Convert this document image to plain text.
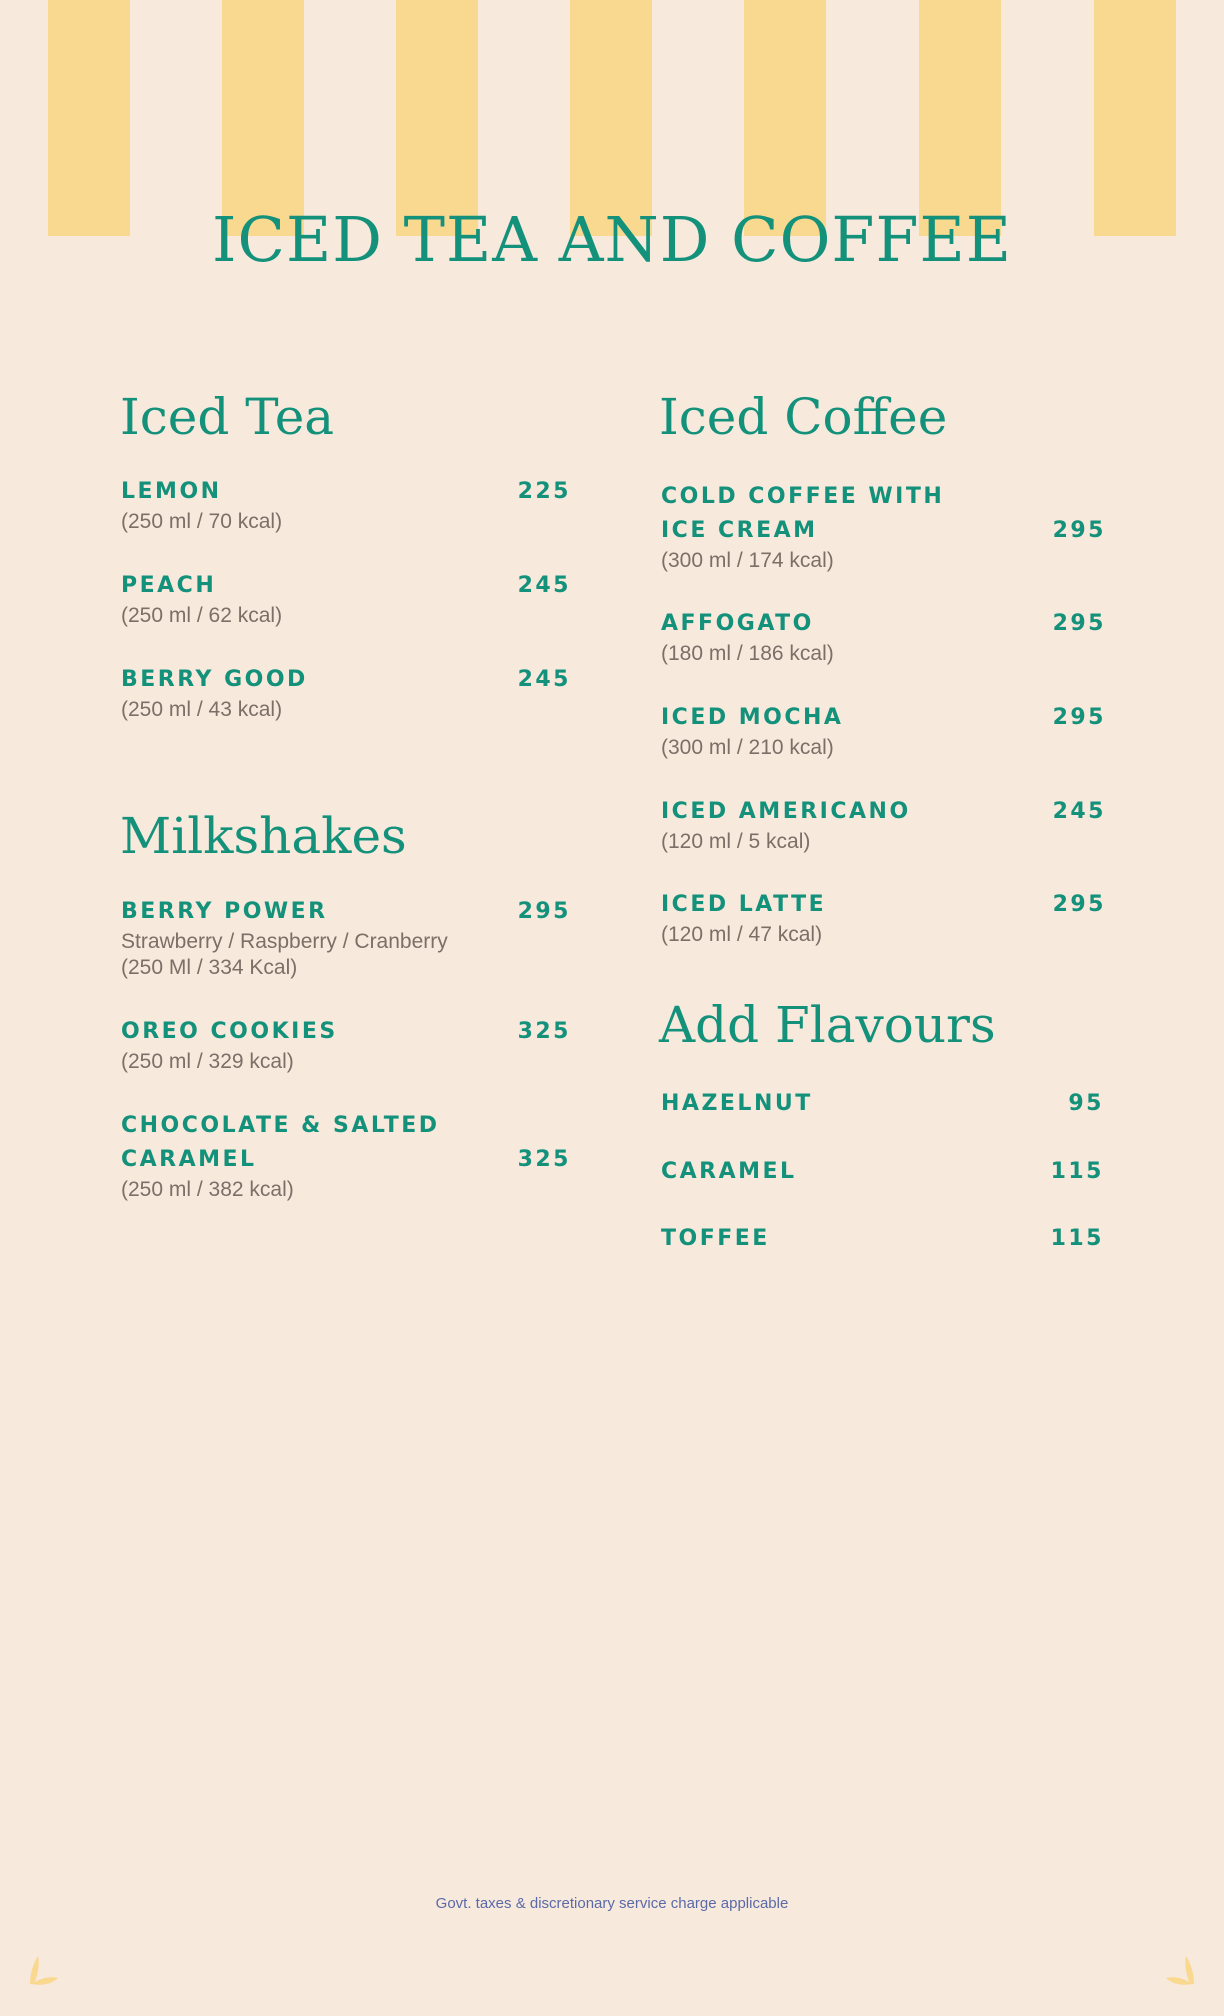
ICED TEA AND COFFEE
Iced Tea
LEMON	225
(250 ml / 70 kcal)
PEACH	245
(250 ml / 62 kcal)
BERRY GOOD	245
(250 ml / 43 kcal)
Milkshakes
BERRY POWER	295
Strawberry / Raspberry / Cranberry
(250 Ml / 334 Kcal)
OREO COOKIES	325
(250 ml / 329 kcal)
CHOCOLATE & SALTED
CARAMEL	325
(250 ml / 382 kcal)
Iced Coffee
COLD COFFEE WITH
ICE CREAM	295
(300 ml / 174 kcal)
AFFOGATO	295
(180 ml / 186 kcal)
ICED MOCHA	295
(300 ml / 210 kcal)
ICED AMERICANO	245
(120 ml / 5 kcal)
ICED LATTE	295
(120 ml / 47 kcal)
Add Flavours
HAZELNUT	95
CARAMEL	115
TOFFEE	115
Govt. taxes & discretionary service charge applicable
